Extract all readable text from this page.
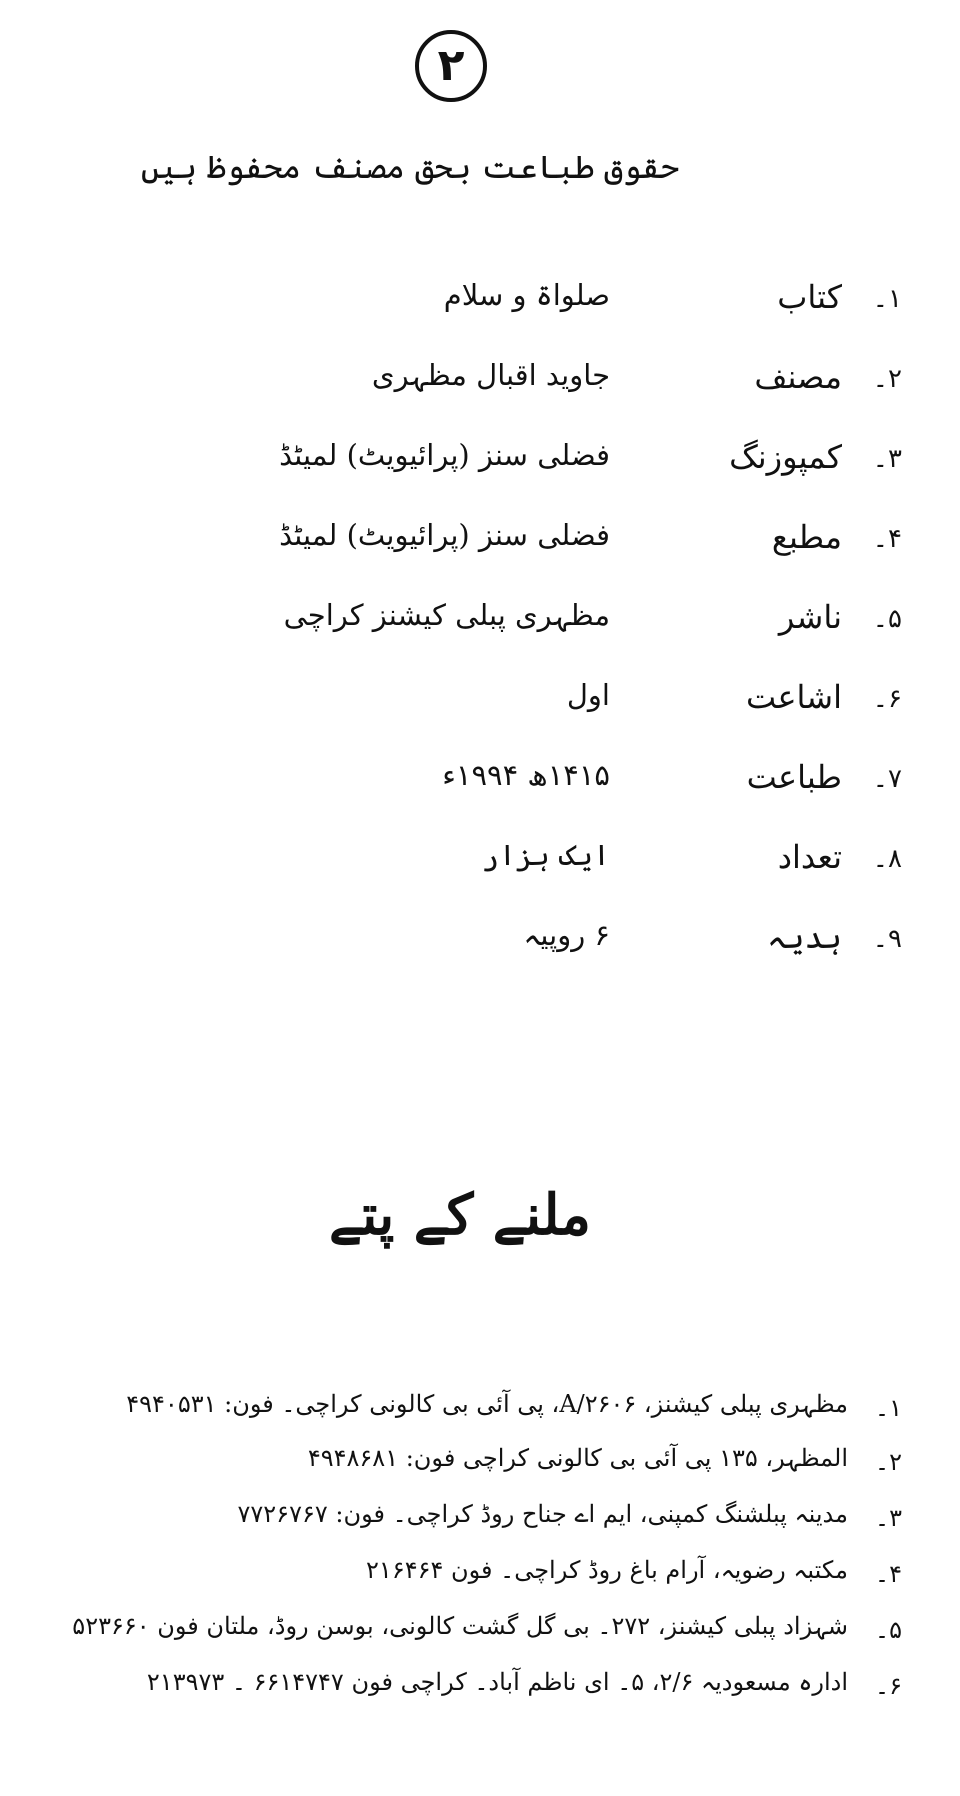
۲
حقوق طباعت بحق مصنف محفوظ ہیں
۱۔
کتاب
صلواۃ و سلام
۲۔
مصنف
جاوید اقبال مظہری
۳۔
کمپوزنگ
فضلی سنز (پرائیویٹ) لمیٹڈ
۴۔
مطبع
فضلی سنز (پرائیویٹ) لمیٹڈ
۵۔
ناشر
مظہری پبلی کیشنز کراچی
۶۔
اشاعت
اول
۷۔
طباعت
۱۴۱۵ھ ۱۹۹۴ء
۸۔
تعداد
ایک ہزار
۹۔
ہدیہ
۶ روپیہ
ملنے کے پتے
۱۔
مظہری پبلی کیشنز، A/۲۶۰۶، پی آئی بی کالونی کراچی۔ فون: ۴۹۴۰۵۳۱
۲۔
المظہر، ۱۳۵ پی آئی بی کالونی کراچی فون: ۴۹۴۸۶۸۱
۳۔
مدینہ پبلشنگ کمپنی، ایم اے جناح روڈ کراچی۔ فون: ۷۷۲۶۷۶۷
۴۔
مکتبہ رضویہ، آرام باغ روڈ کراچی۔ فون ۲۱۶۴۶۴
۵۔
شہزاد پبلی کیشنز، ۲۷۲۔ بی گل گشت کالونی، بوسن روڈ، ملتان فون ۵۲۳۶۶۰
۶۔
ادارہ مسعودیہ ۲/۶، ۵۔ ای ناظم آباد۔ کراچی فون ۶۶۱۴۷۴۷ ۔ ۲۱۳۹۷۳
